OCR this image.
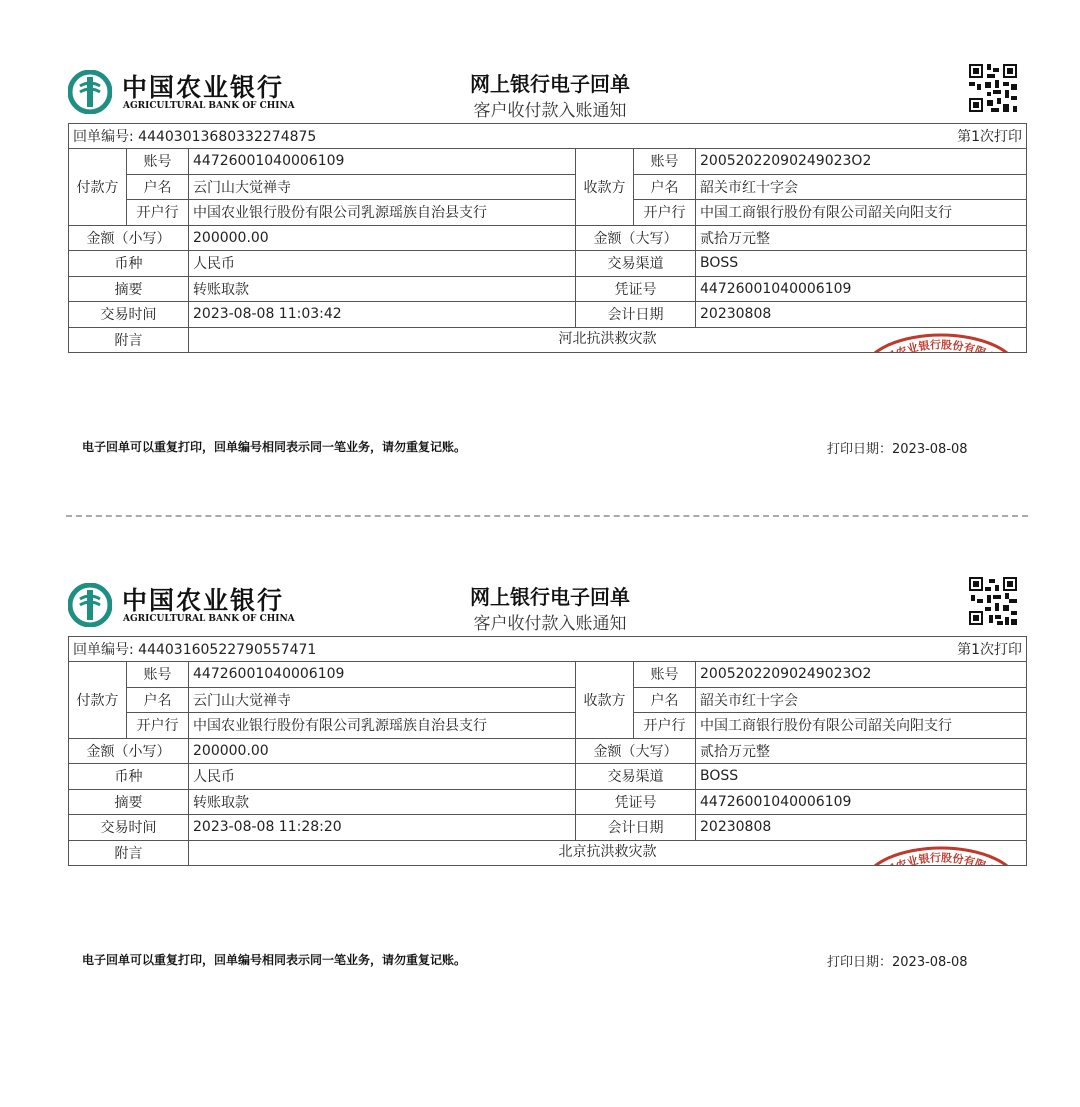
中国农业银行
AGRICULTURAL BANK OF CHINA
网上银行电子回单
客户收付款入账通知
回单编号: 44403013680332274875 第1次打印					

付款方	账号	44726001040006109	收款方	账号	20052022090249023O2
	户名	云门山大觉禅寺		户名	韶关市红十字会
	开户行	中国农业银行股份有限公司乳源瑶族自治县支行		开户行	中国工商银行股份有限公司韶关向阳支行
金额（小写）		200000.00	金额（大写）		贰拾万元整
币种		人民币	交易渠道		BOSS
摘要		转账取款	凭证号		44726001040006109
交易时间		2023-08-08 11:03:42	会计日期		20230808
附言		河北抗洪救灾款
中国农业银行股份有限公司
44403013680332274875
回单专用章			
电子回单可以重复打印，回单编号相同表示同一笔业务，请勿重复记账。	打印日期：2023-08-08
中国农业银行
AGRICULTURAL BANK OF CHINA
网上银行电子回单
客户收付款入账通知
回单编号: 44403160522790557471 第1次打印					

付款方	账号	44726001040006109	收款方	账号	20052022090249023O2
	户名	云门山大觉禅寺		户名	韶关市红十字会
	开户行	中国农业银行股份有限公司乳源瑶族自治县支行		开户行	中国工商银行股份有限公司韶关向阳支行
金额（小写）		200000.00	金额（大写）		贰拾万元整
币种		人民币	交易渠道		BOSS
摘要		转账取款	凭证号		44726001040006109
交易时间		2023-08-08 11:28:20	会计日期		20230808
附言		北京抗洪救灾款
中国农业银行股份有限公司
44403160522790557471
回单专用章			
电子回单可以重复打印，回单编号相同表示同一笔业务，请勿重复记账。	打印日期：2023-08-08
